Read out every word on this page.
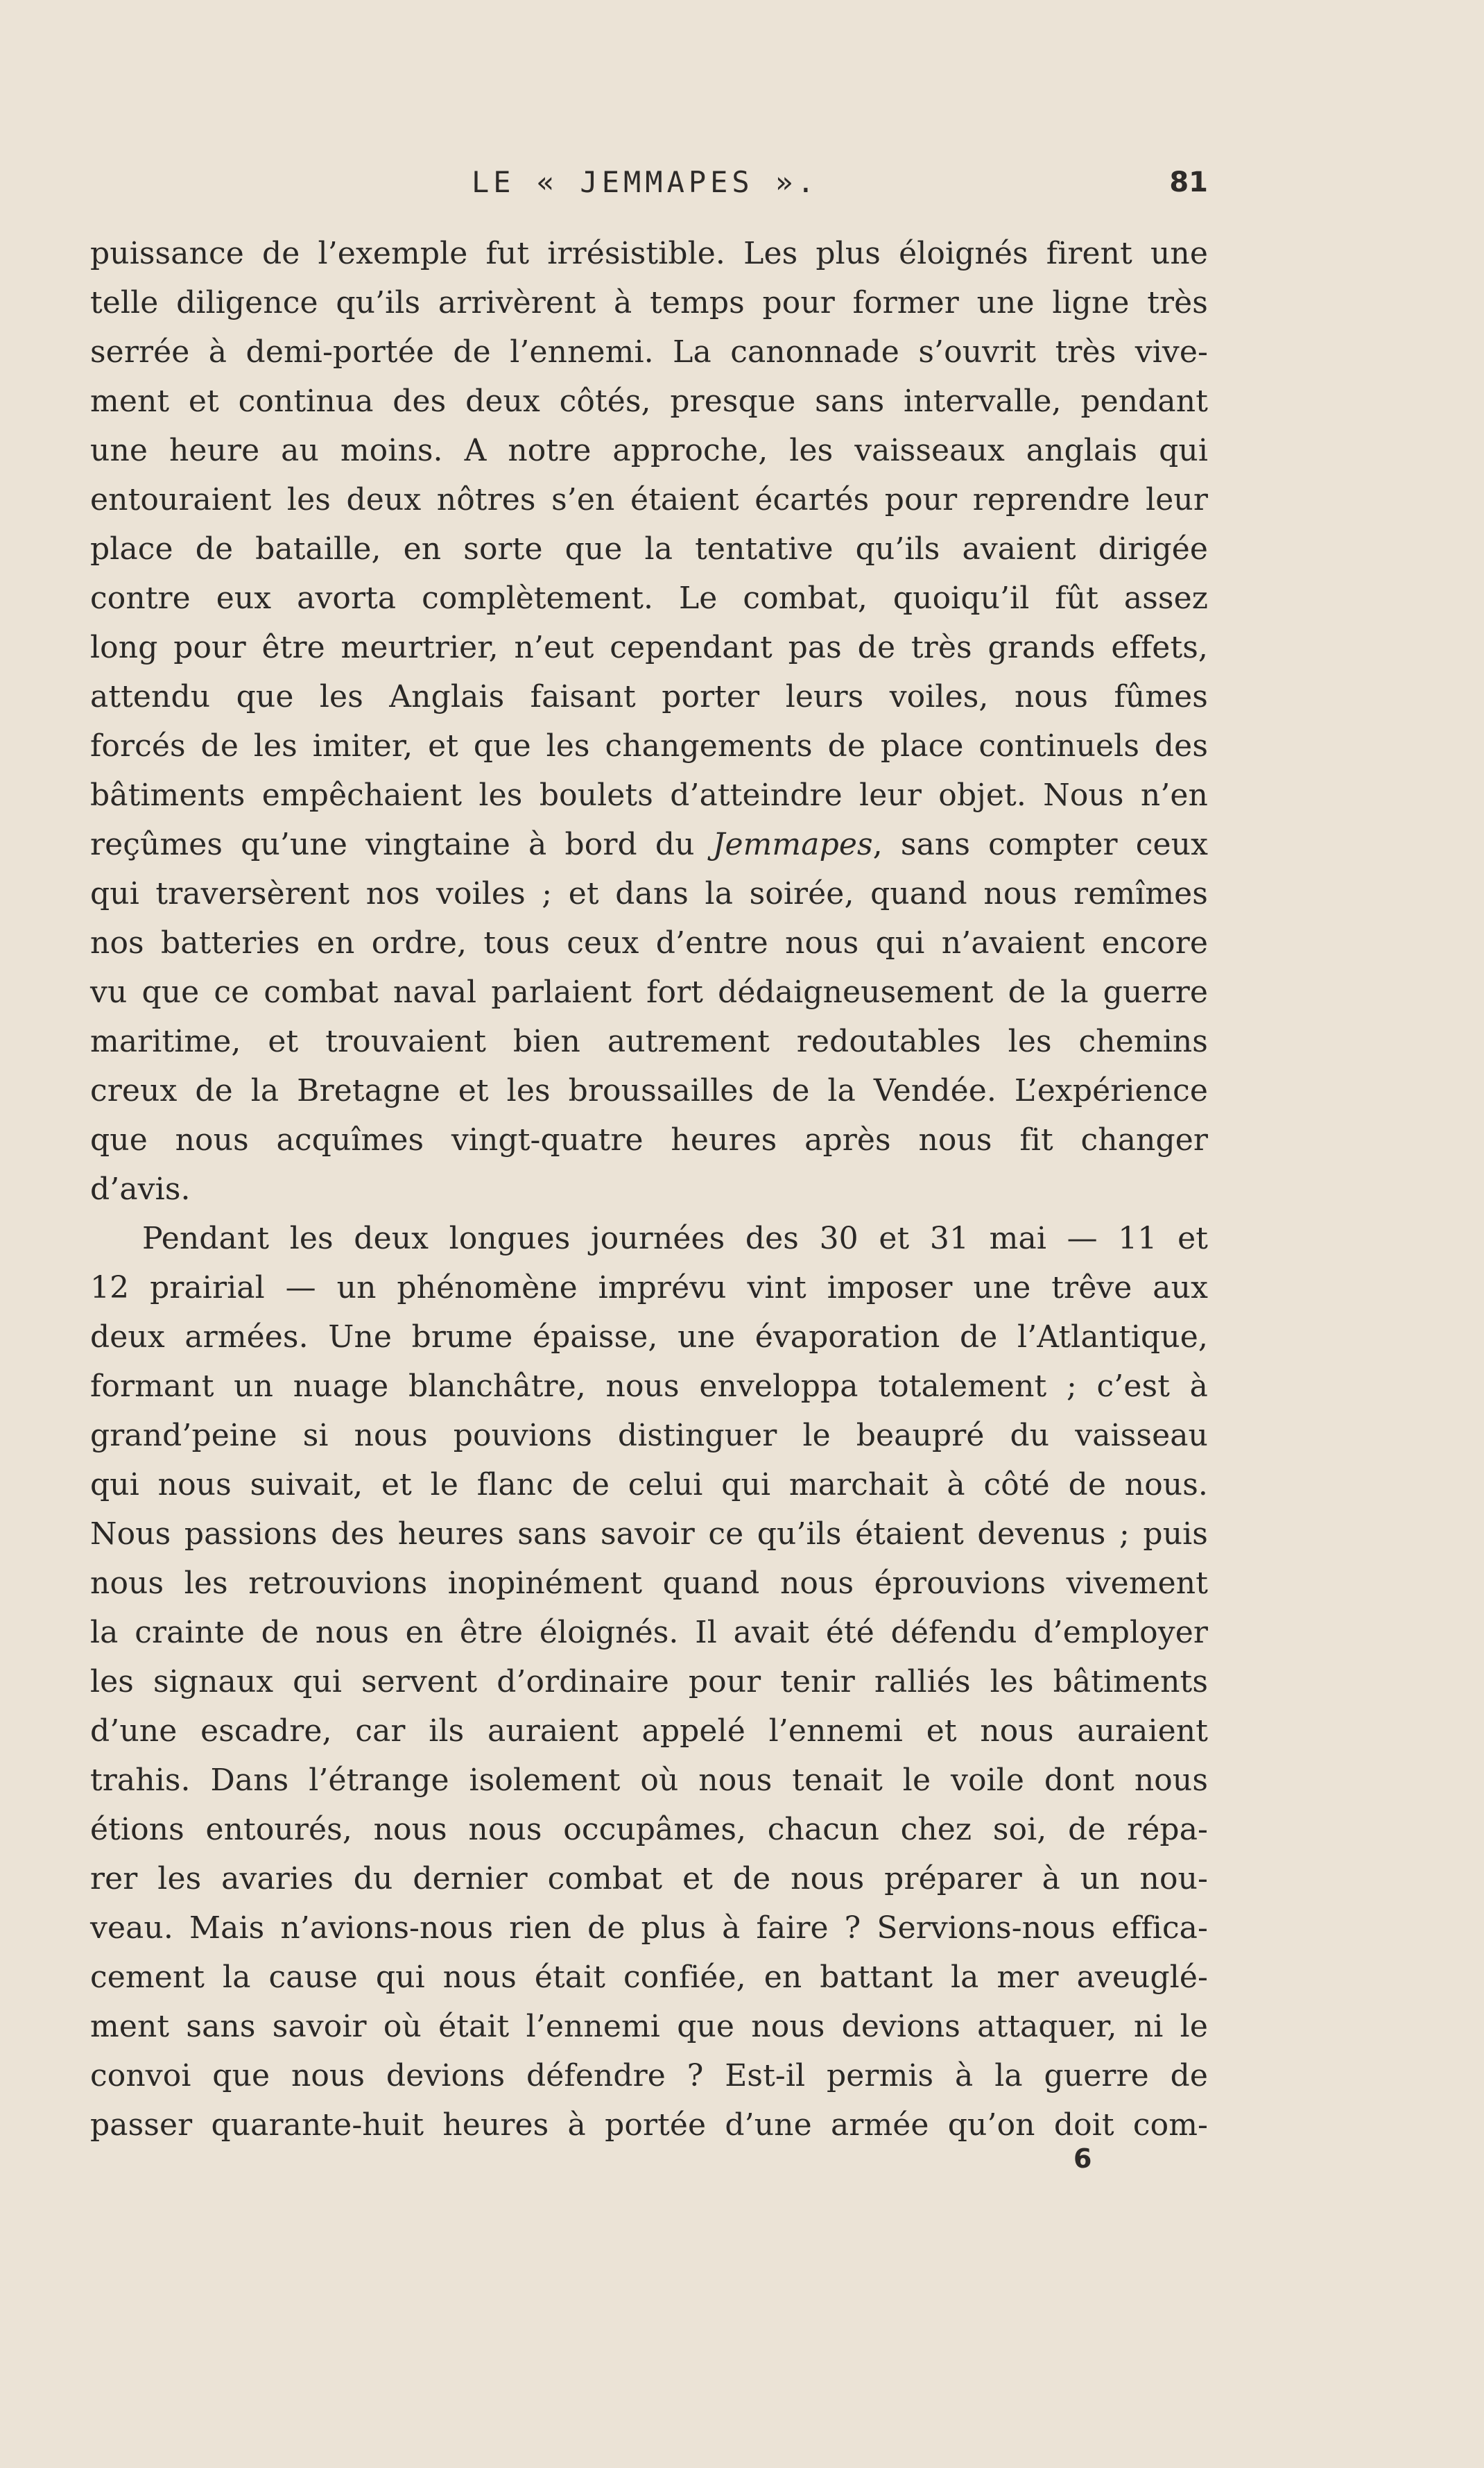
LE « JEMMAPES ».	81
puissance de l’exemple fut irrésistible. Les plus éloignés firent une
telle diligence qu’ils arrivèrent à temps pour former une ligne très
serrée à demi-portée de l’ennemi. La canonnade s’ouvrit très vive-
ment et continua des deux côtés, presque sans intervalle, pendant
une heure au moins. A notre approche, les vaisseaux anglais qui
entouraient les deux nôtres s’en étaient écartés pour reprendre leur
place de bataille, en sorte que la tentative qu’ils avaient dirigée
contre eux avorta complètement. Le combat, quoiqu’il fût assez
long pour être meurtrier, n’eut cependant pas de très grands effets,
attendu que les Anglais faisant porter leurs voiles, nous fûmes
forcés de les imiter, et que les changements de place continuels des
bâtiments empêchaient les boulets d’atteindre leur objet. Nous n’en
reçûmes qu’une vingtaine à bord du Jemmapes, sans compter ceux
qui traversèrent nos voiles ; et dans la soirée, quand nous remîmes
nos batteries en ordre, tous ceux d’entre nous qui n’avaient encore
vu que ce combat naval parlaient fort dédaigneusement de la guerre
maritime, et trouvaient bien autrement redoutables les chemins
creux de la Bretagne et les broussailles de la Vendée. L’expérience
que nous acquîmes vingt-quatre heures après nous fit changer
d’avis.
Pendant les deux longues journées des 30 et 31 mai — 11 et
12 prairial — un phénomène imprévu vint imposer une trêve aux
deux armées. Une brume épaisse, une évaporation de l’Atlantique,
formant un nuage blanchâtre, nous enveloppa totalement ; c’est à
grand’peine si nous pouvions distinguer le beaupré du vaisseau
qui nous suivait, et le flanc de celui qui marchait à côté de nous.
Nous passions des heures sans savoir ce qu’ils étaient devenus ; puis
nous les retrouvions inopinément quand nous éprouvions vivement
la crainte de nous en être éloignés. Il avait été défendu d’employer
les signaux qui servent d’ordinaire pour tenir ralliés les bâtiments
d’une escadre, car ils auraient appelé l’ennemi et nous auraient
trahis. Dans l’étrange isolement où nous tenait le voile dont nous
étions entourés, nous nous occupâmes, chacun chez soi, de répa-
rer les avaries du dernier combat et de nous préparer à un nou-
veau. Mais n’avions-nous rien de plus à faire ? Servions-nous effica-
cement la cause qui nous était confiée, en battant la mer aveuglé-
ment sans savoir où était l’ennemi que nous devions attaquer, ni le
convoi que nous devions défendre ? Est-il permis à la guerre de
passer quarante-huit heures à portée d’une armée qu’on doit com-
6
